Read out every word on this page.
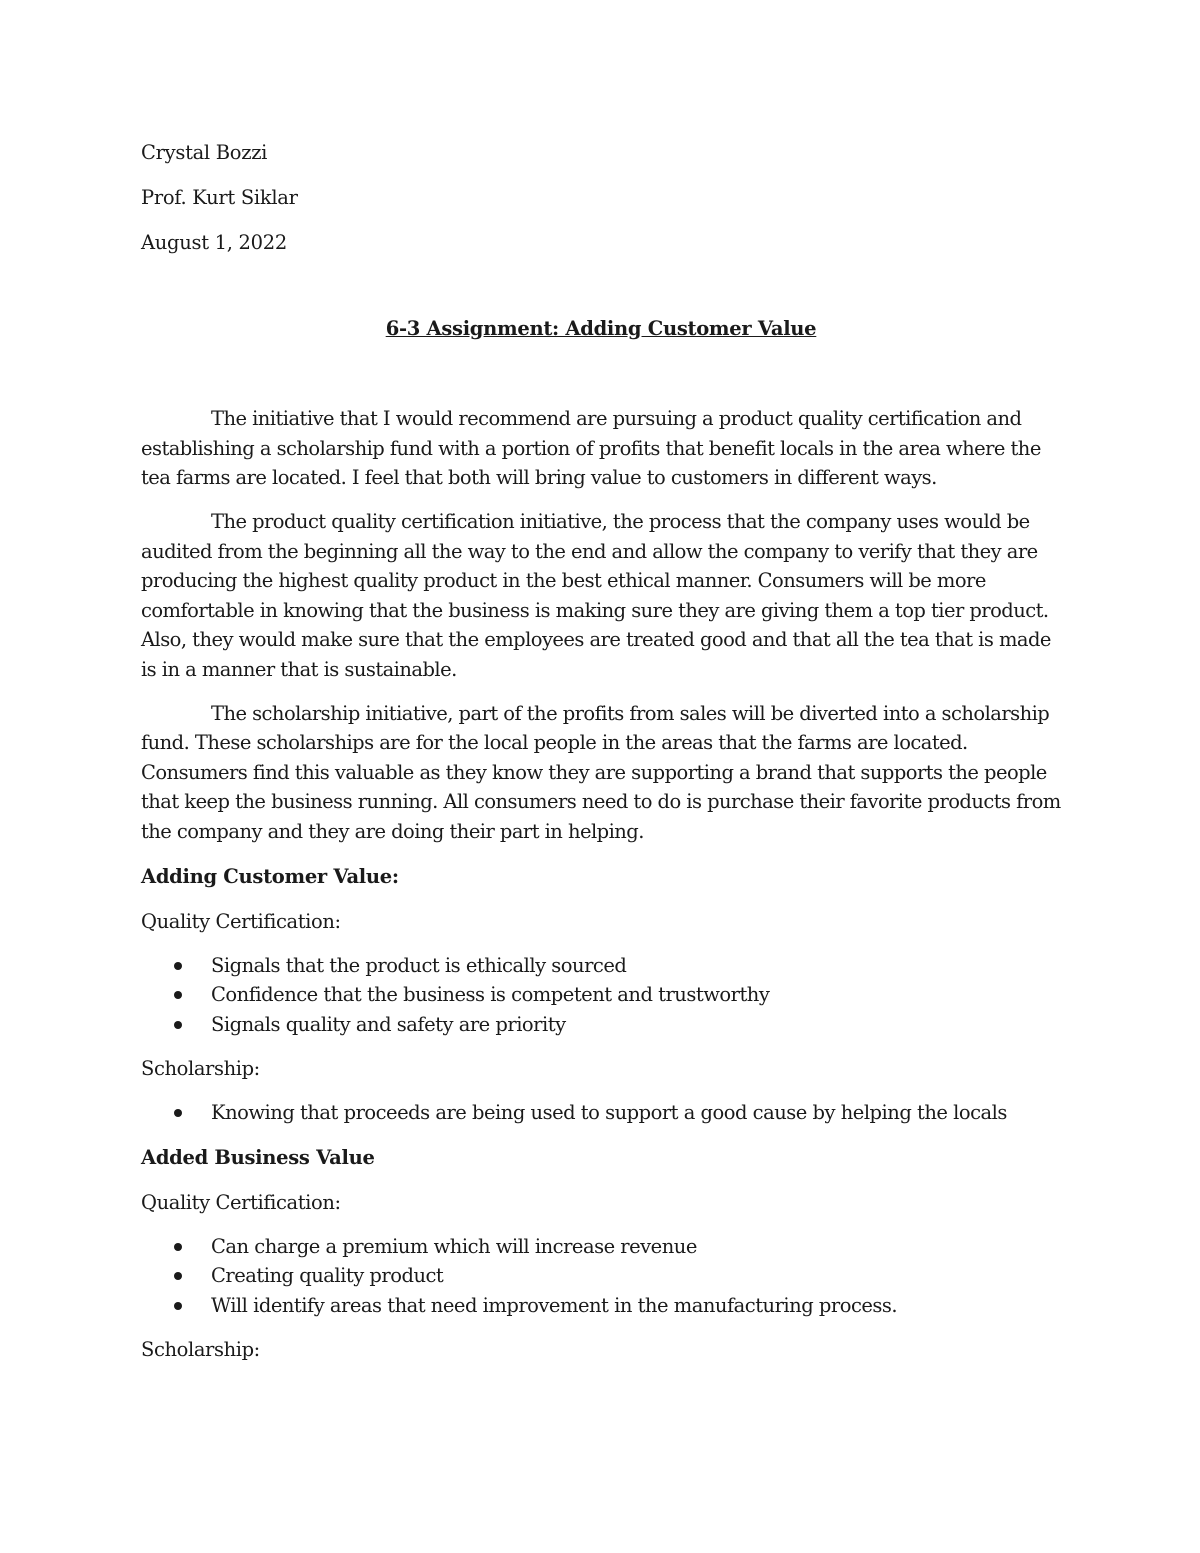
Crystal Bozzi

Prof. Kurt Siklar

August 1, 2022

6-3 Assignment: Adding Customer Value

The initiative that I would recommend are pursuing a product quality certification and establishing a scholarship fund with a portion of profits that benefit locals in the area where the tea farms are located. I feel that both will bring value to customers in different ways.

The product quality certification initiative, the process that the company uses would be audited from the beginning all the way to the end and allow the company to verify that they are producing the highest quality product in the best ethical manner. Consumers will be more comfortable in knowing that the business is making sure they are giving them a top tier product. Also, they would make sure that the employees are treated good and that all the tea that is made is in a manner that is sustainable.

The scholarship initiative, part of the profits from sales will be diverted into a scholarship fund. These scholarships are for the local people in the areas that the farms are located. Consumers find this valuable as they know they are supporting a brand that supports the people that keep the business running. All consumers need to do is purchase their favorite products from the company and they are doing their part in helping.

Adding Customer Value:

Quality Certification:

Signals that the product is ethically sourced
Confidence that the business is competent and trustworthy
Signals quality and safety are priority

Scholarship:

Knowing that proceeds are being used to support a good cause by helping the locals

Added Business Value

Quality Certification:

Can charge a premium which will increase revenue
Creating quality product
Will identify areas that need improvement in the manufacturing process.

Scholarship:
